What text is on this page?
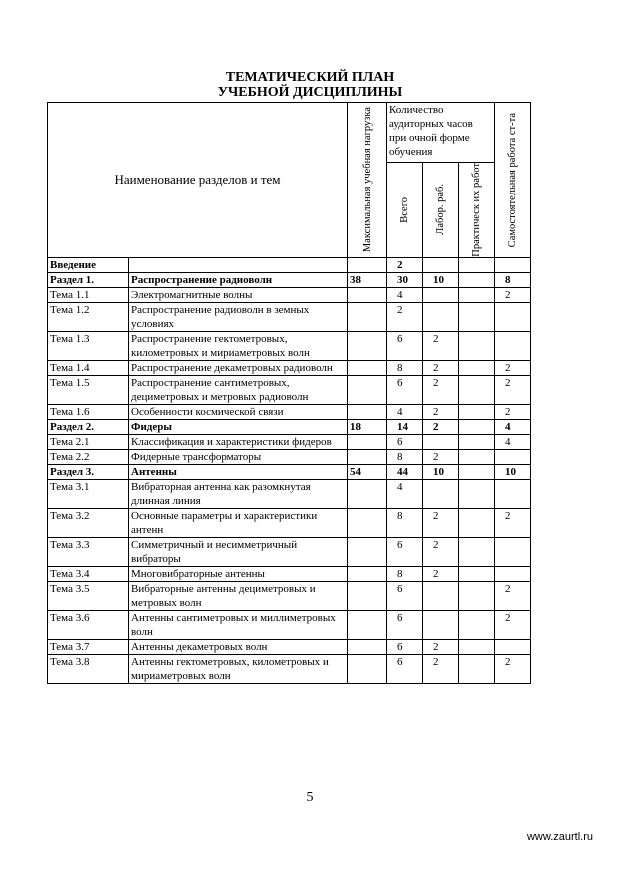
ТЕМАТИЧЕСКИЙ ПЛАН
УЧЕБНОЙ ДИСЦИПЛИНЫ
Наименование разделов и тем		Максимальная учебная нагрузка	Количество аудиторных часов при очной форме обучения			Самостоятельная работа ст-та

			Всего	Лабор. раб.	Практическ их работ	

Введение			2			
Раздел 1.	Распространение радиоволн	38	30	10		8
Тема 1.1	Электромагнитные волны		4			2
Тема 1.2	Распространение радиоволн в земных условиях		2			
Тема 1.3	Распространение гектометровых, километровых и мириаметровых волн		6	2		
Тема 1.4	Распространение декаметровых радиоволн		8	2		2
Тема 1.5	Распространение сантиметровых, дециметровых и метровых радиоволн		6	2		2
Тема 1.6	Особенности космической связи		4	2		2
Раздел 2.	Фидеры	18	14	2		4
Тема 2.1	Классификация и характеристики фидеров		6			4
Тема 2.2	Фидерные трансформаторы		8	2		
Раздел 3.	Антенны	54	44	10		10
Тема 3.1	Вибраторная антенна как разомкнутая длинная линия		4			
Тема 3.2	Основные параметры и характеристики антенн		8	2		2
Тема 3.3	Симметричный и несимметричный вибраторы		6	2		
Тема 3.4	Многовибраторные антенны		8	2		
Тема 3.5	Вибраторные антенны дециметровых и метровых волн		6			2
Тема 3.6	Антенны сантиметровых и миллиметровых волн		6			2
Тема 3.7	Антенны декаметровых волн		6	2		
Тема 3.8	Антенны гектометровых, километровых и мириаметровых волн		6	2		2
5
www.zaurtl.ru
